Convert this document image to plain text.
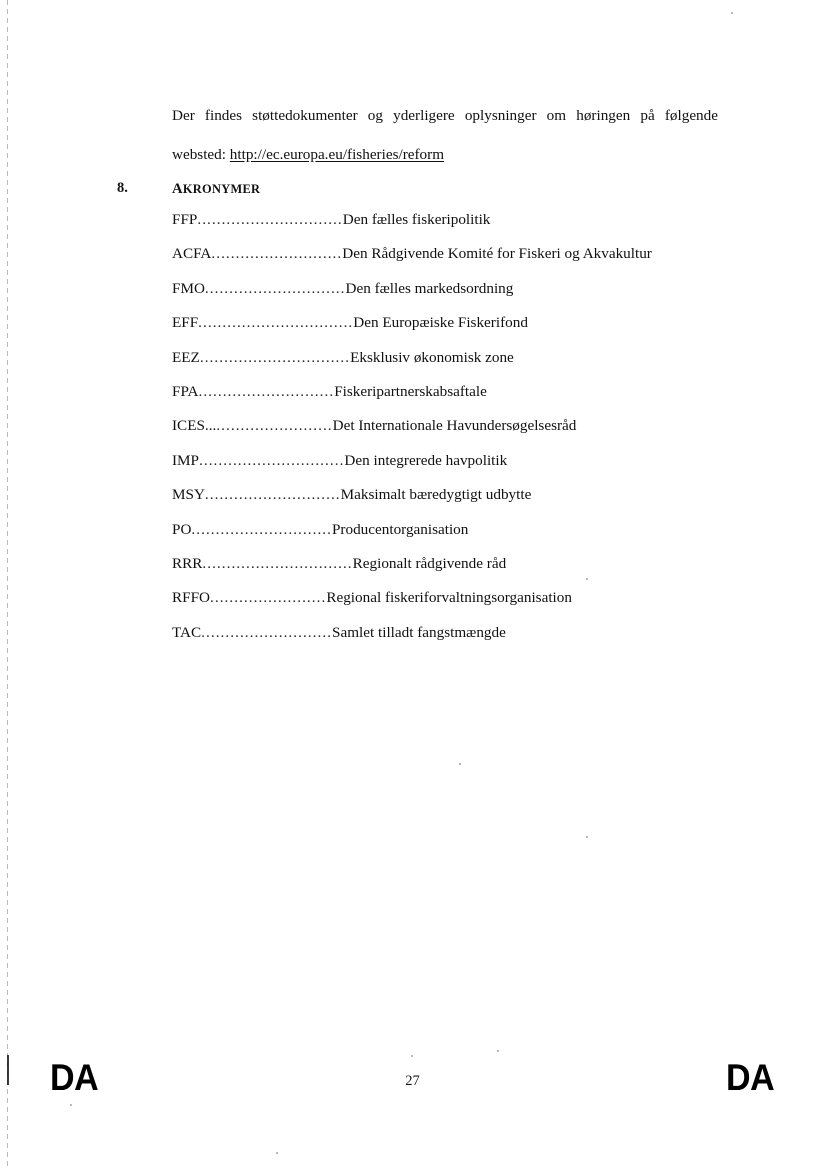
Der findes støttedokumenter og yderligere oplysninger om høringen på følgende
websted: http://ec.europa.eu/fisheries/reform
8.	AKRONYMER
FFP..............................Den fælles fiskeripolitik
ACFA...........................Den Rådgivende Komité for Fiskeri og Akvakultur
FMO.............................Den fælles markedsordning
EFF................................Den Europæiske Fiskerifond
EEZ...............................Eksklusiv økonomisk zone
FPA............................Fiskeripartnerskabsaftale
ICES...........................Det Internationale Havundersøgelsesråd
IMP..............................Den integrerede havpolitik
MSY............................Maksimalt bæredygtigt udbytte
PO.............................Producentorganisation
RRR...............................Regionalt rådgivende råd
RFFO........................Regional fiskeriforvaltningsorganisation
TAC...........................Samlet tilladt fangstmængde
DA	DA
27
